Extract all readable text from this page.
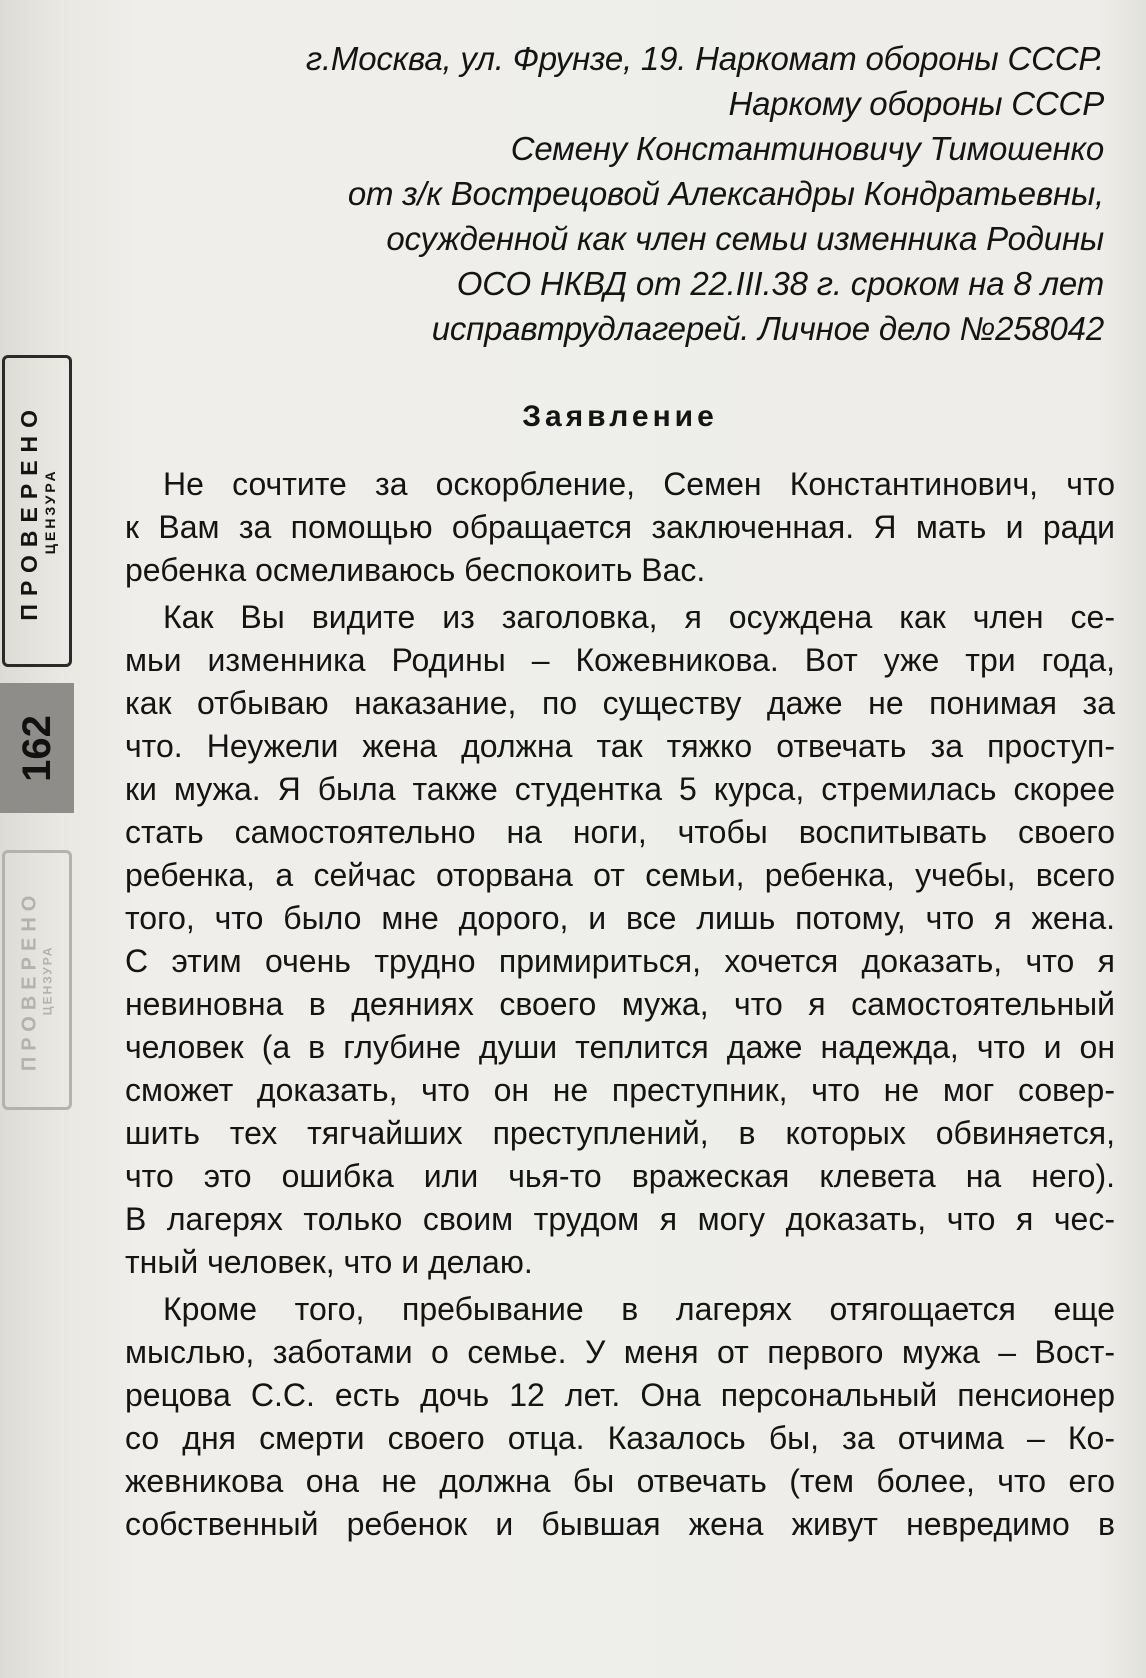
ПРОВЕРЕНО ЦЕНЗУРА
162
ПРОВЕРЕНО ЦЕНЗУРА
г.Москва, ул. Фрунзе, 19. Наркомат обороны СССР.
Наркому обороны СССР
Семену Константиновичу Тимошенко
от з/к Вострецовой Александры Кондратьевны,
осужденной как член семьи изменника Родины
ОСО НКВД от 22.III.38 г. сроком на 8 лет
исправтрудлагерей. Личное дело №258042
Заявление
Не сочтите за оскорбление, Семен Константинович, что
к Вам за помощью обращается заключенная. Я мать и ради
ребенка осмеливаюсь беспокоить Вас.
Как Вы видите из заголовка, я осуждена как член се-
мьи изменника Родины – Кожевникова. Вот уже три года,
как отбываю наказание, по существу даже не понимая за
что. Неужели жена должна так тяжко отвечать за проступ-
ки мужа. Я была также студентка 5 курса, стремилась скорее
стать самостоятельно на ноги, чтобы воспитывать своего
ребенка, а сейчас оторвана от семьи, ребенка, учебы, всего
того, что было мне дорого, и все лишь потому, что я жена.
С этим очень трудно примириться, хочется доказать, что я
невиновна в деяниях своего мужа, что я самостоятельный
человек (а в глубине души теплится даже надежда, что и он
сможет доказать, что он не преступник, что не мог совер-
шить тех тягчайших преступлений, в которых обвиняется,
что это ошибка или чья-то вражеская клевета на него).
В лагерях только своим трудом я могу доказать, что я чес-
тный человек, что и делаю.
Кроме того, пребывание в лагерях отягощается еще
мыслью, заботами о семье. У меня от первого мужа – Вост-
рецова С.С. есть дочь 12 лет. Она персональный пенсионер
со дня смерти своего отца. Казалось бы, за отчима – Ко-
жевникова она не должна бы отвечать (тем более, что его
собственный ребенок и бывшая жена живут невредимо в
